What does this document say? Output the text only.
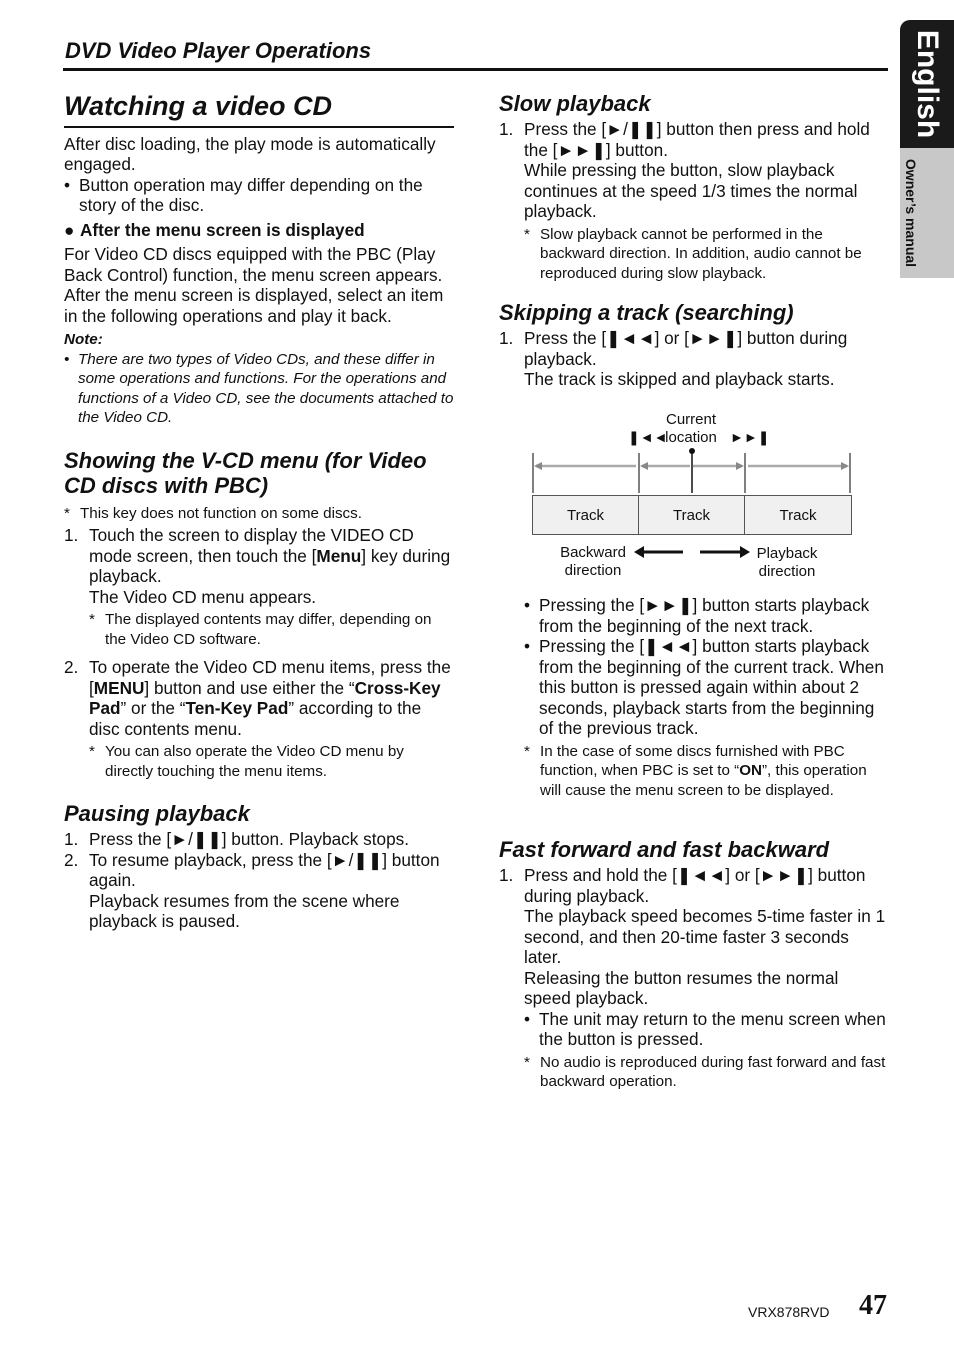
DVD Video Player Operations	English
Owner’s manual
Watching a video CD

After disc loading, the play mode is automatically engaged.

• Button operation may differ depending on the story of the disc.
● After the menu screen is displayed

For Video CD discs equipped with the PBC (Play Back Control) function, the menu screen appears. After the menu screen is displayed, select an item in the following operations and play it back.

Note:

• There are two types of Video CDs, and these differ in some operations and functions. For the operations and functions of a Video CD, see the documents attached to the Video CD.
Showing the V-CD menu (for Video CD discs with PBC)
* This key does not function on some discs.
1. Touch the screen to display the VIDEO CD mode screen, then touch the [Menu] key during playback.
The Video CD menu appears.
* The displayed contents may differ, depending on the Video CD software.
2. To operate the Video CD menu items, press the [MENU] button and use either the “Cross-Key Pad” or the “Ten-Key Pad” according to the disc contents menu.
* You can also operate the Video CD menu by directly touching the menu items.
Pausing playback
1. Press the [►/❚❚] button. Playback stops.
2. To resume playback, press the [►/❚❚] button again.
Playback resumes from the scene where playback is paused.
Slow playback
1. Press the [►/❚❚] button then press and hold the [►►❚] button.
While pressing the button, slow playback continues at the speed 1/3 times the normal playback.
* Slow playback cannot be performed in the backward direction. In addition, audio cannot be reproduced during slow playback.
Skipping a track (searching)
1. Press the [❚◄◄] or [►►❚] button during playback.
The track is skipped and playback starts.
Current
location
❚◄◄	►►❚
Track	Track	Track
Backward
direction
Playback
direction
• Pressing the [►►❚] button starts playback from the beginning of the next track.
• Pressing the [❚◄◄] button starts playback from the beginning of the current track. When this button is pressed again within about 2 seconds, playback starts from the beginning of the previous track.
* In the case of some discs furnished with PBC function, when PBC is set to “ON”, this operation will cause the menu screen to be displayed.
Fast forward and fast backward
1. Press and hold the [❚◄◄] or [►►❚] button during playback.
The playback speed becomes 5-time faster in 1 second, and then 20-time faster 3 seconds later.
Releasing the button resumes the normal speed playback.
• The unit may return to the menu screen when the button is pressed.
* No audio is reproduced during fast forward and fast backward operation.
VRX878RVD 47
